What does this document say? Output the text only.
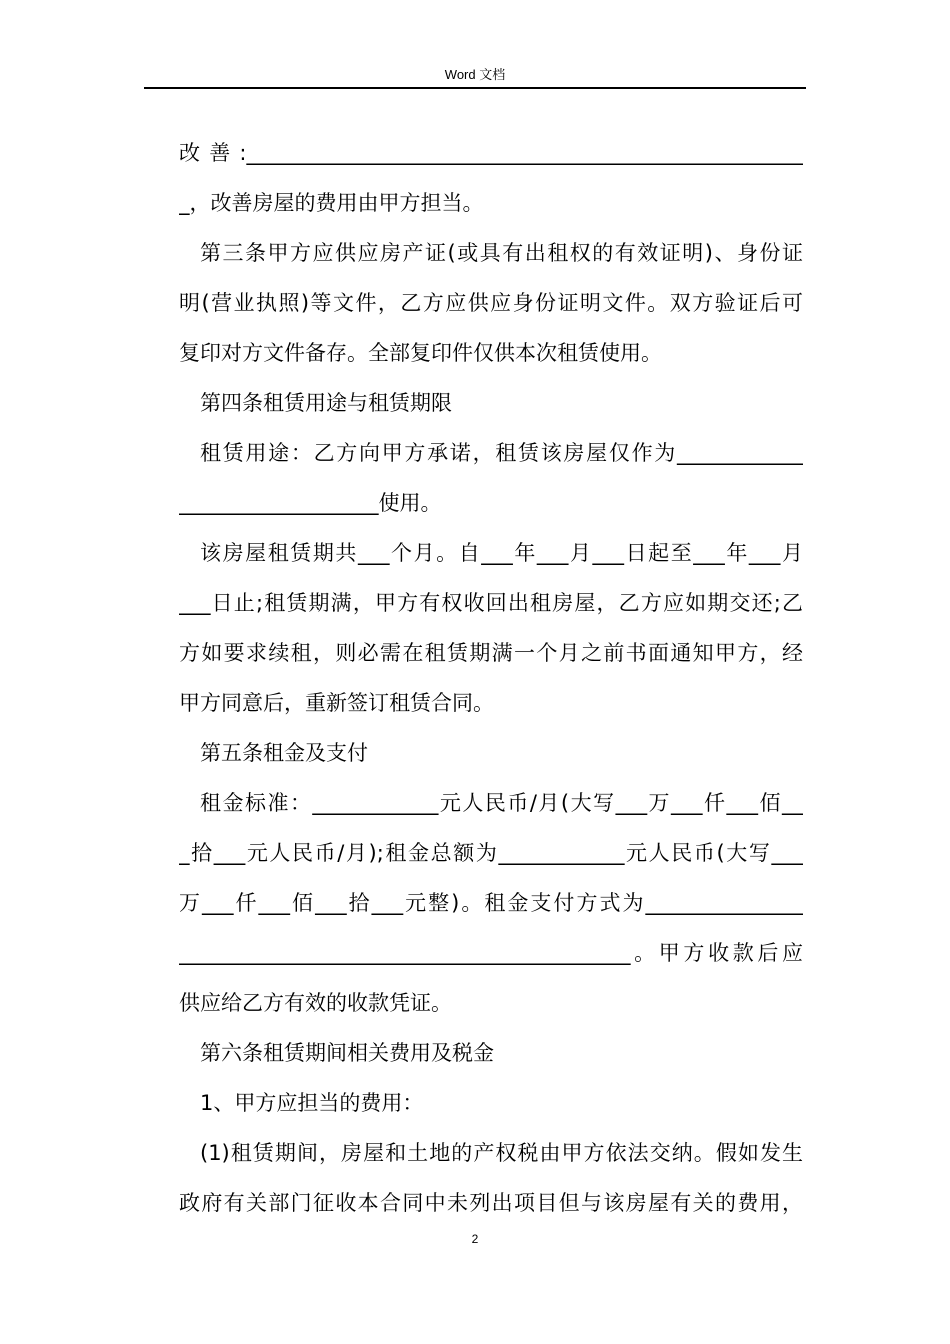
Word 文档
改善:_____________________________________________________
_，改善房屋的费用由甲方担当。
第三条甲方应供应房产证(或具有出租权的有效证明)、身份证
明(营业执照)等文件，乙方应供应身份证明文件。双方验证后可
复印对方文件备存。全部复印件仅供本次租赁使用。
第四条租赁用途与租赁期限
租赁用途：乙方向甲方承诺，租赁该房屋仅作为____________
___________________使用。
该房屋租赁期共___个月。自___年___月___日起至___年___月
___日止;租赁期满，甲方有权收回出租房屋，乙方应如期交还;乙
方如要求续租，则必需在租赁期满一个月之前书面通知甲方，经
甲方同意后，重新签订租赁合同。
第五条租金及支付
租金标准：____________元人民币/月(大写___万___仟___佰__
_拾___元人民币/月);租金总额为____________元人民币(大写___
万___仟___佰___拾___元整)。租金支付方式为_______________
___________________________________________。甲方收款后应
供应给乙方有效的收款凭证。
第六条租赁期间相关费用及税金
1、甲方应担当的费用：
(1)租赁期间，房屋和土地的产权税由甲方依法交纳。假如发生
政府有关部门征收本合同中未列出项目但与该房屋有关的费用，
2
